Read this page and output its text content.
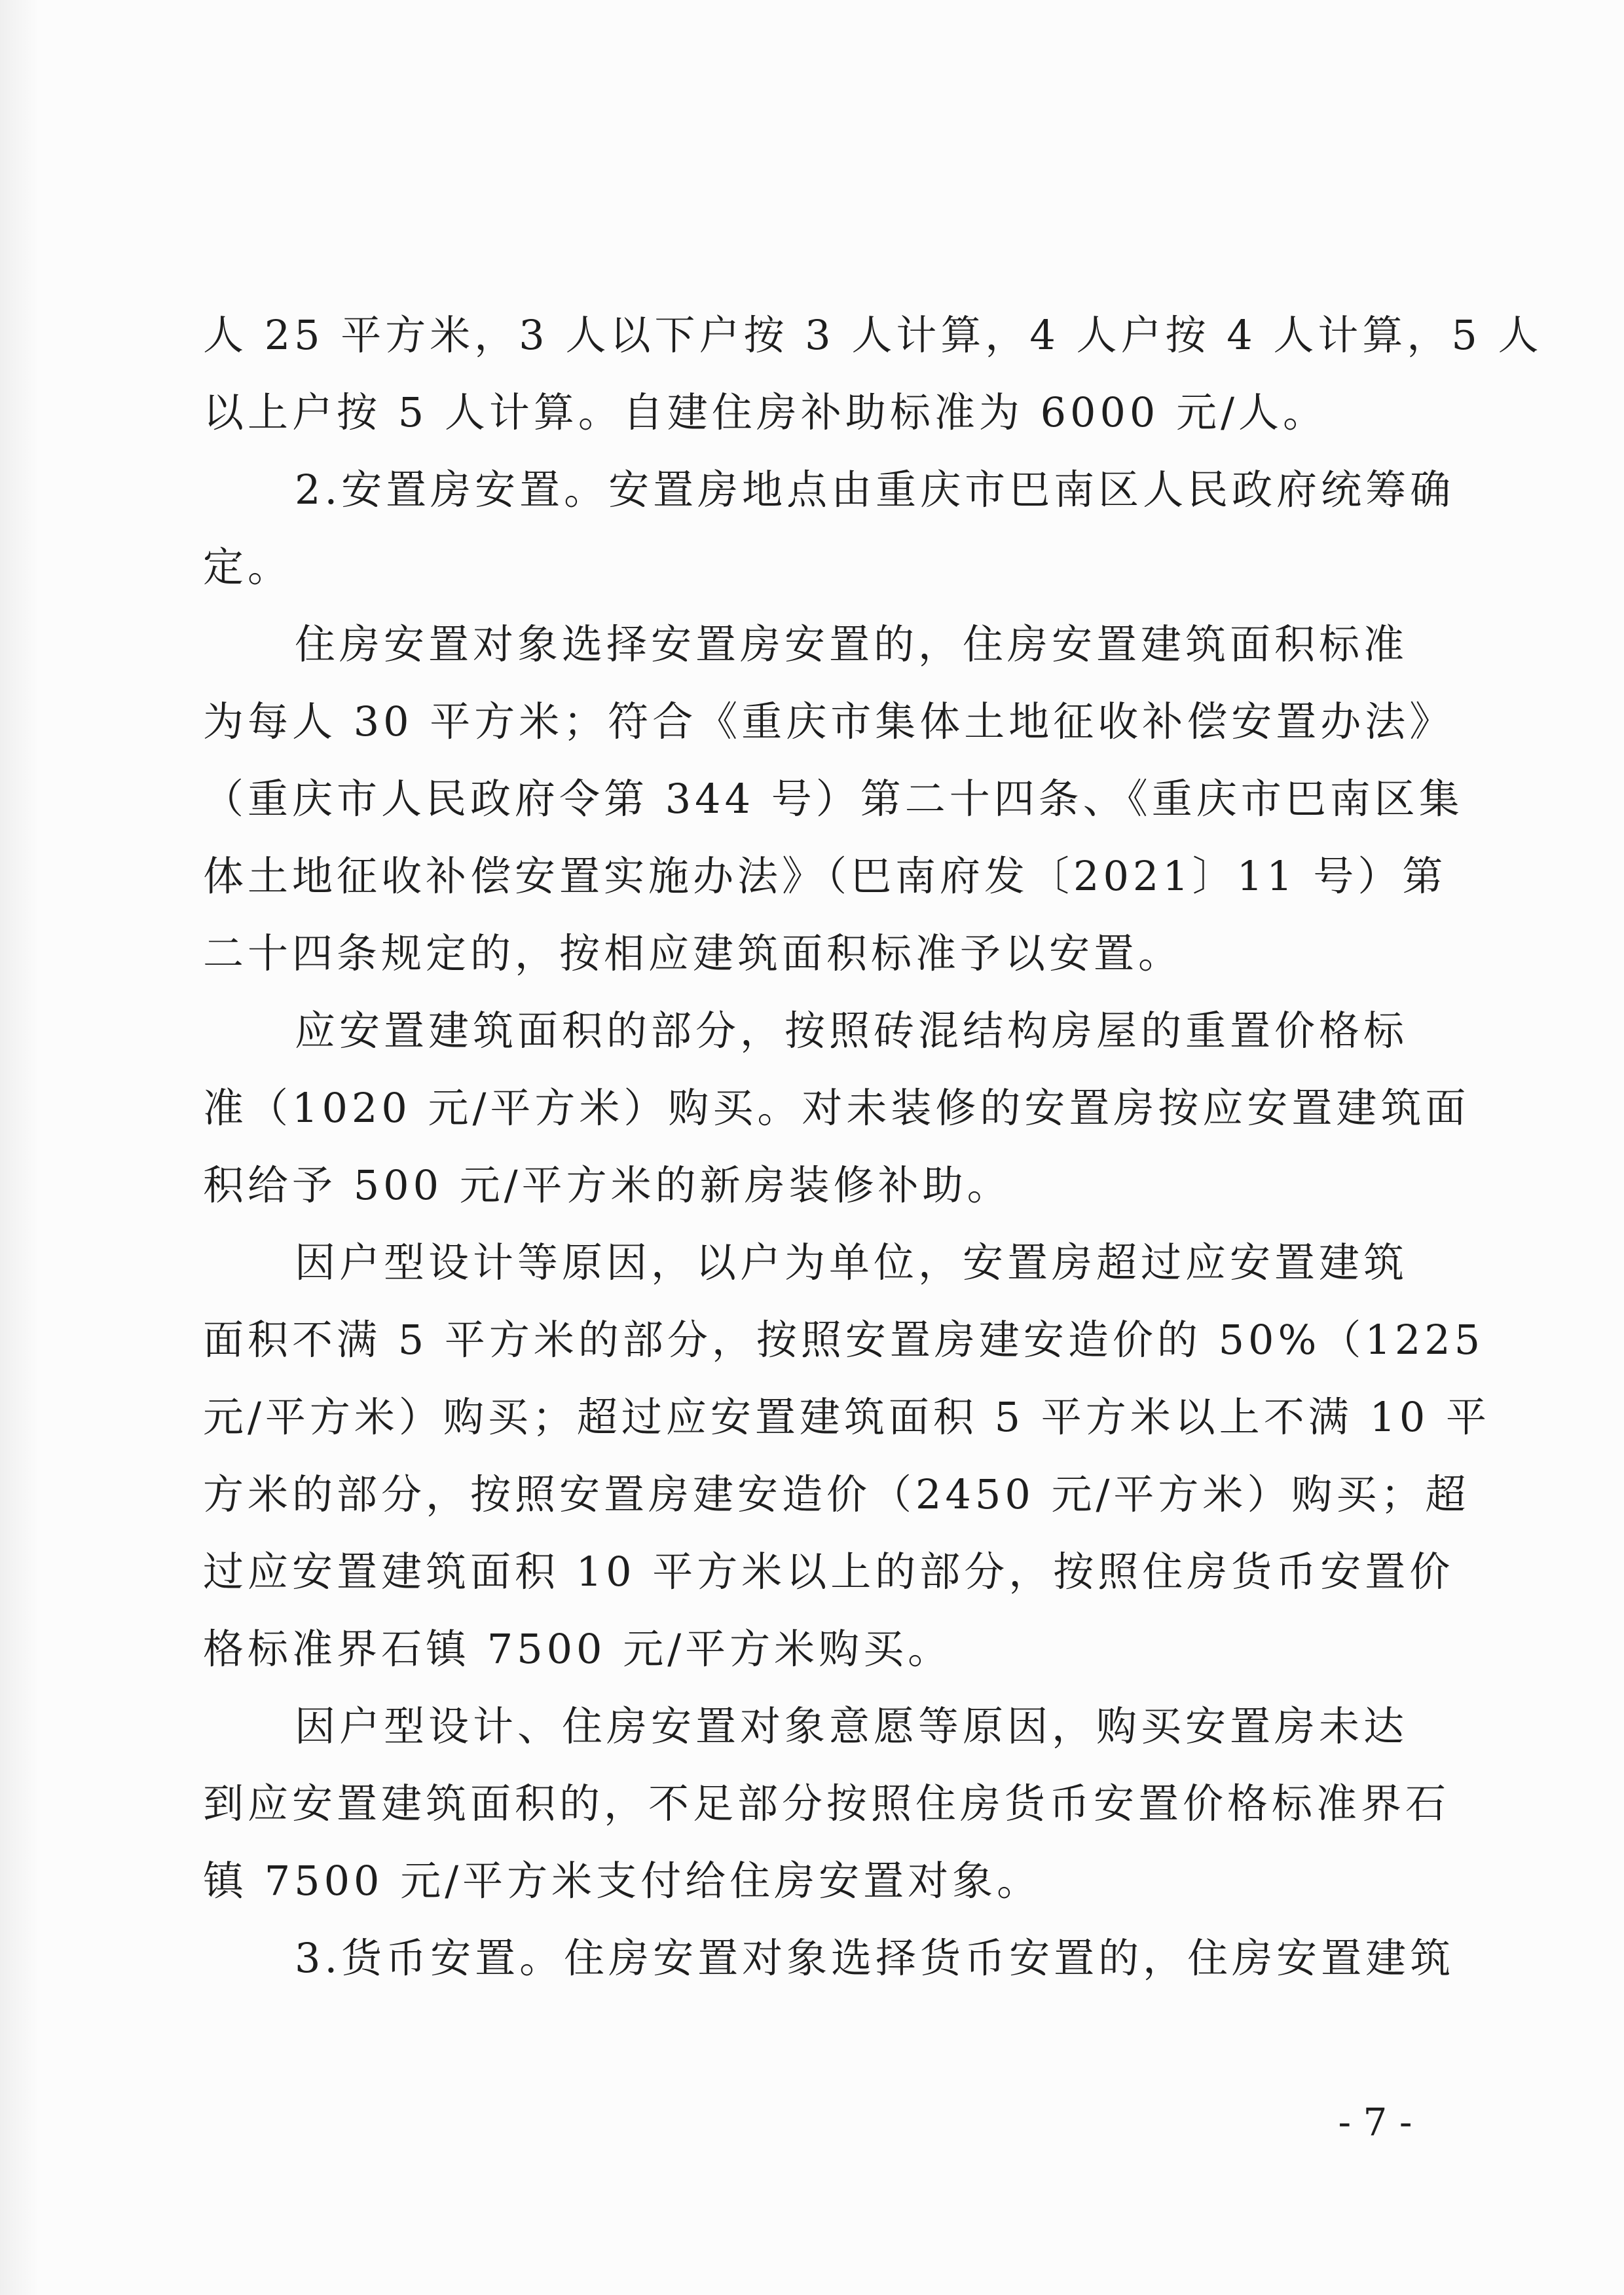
人 25 平方米，3 人以下户按 3 人计算，4 人户按 4 人计算，5 人
以上户按 5 人计算。自建住房补助标准为 6000 元/人。
2.安置房安置。安置房地点由重庆市巴南区人民政府统筹确
定。
住房安置对象选择安置房安置的，住房安置建筑面积标准
为每人 30 平方米；符合《重庆市集体土地征收补偿安置办法》
（重庆市人民政府令第 344 号）第二十四条、《重庆市巴南区集
体土地征收补偿安置实施办法》（巴南府发〔2021〕11 号）第
二十四条规定的，按相应建筑面积标准予以安置。
应安置建筑面积的部分，按照砖混结构房屋的重置价格标
准（1020 元/平方米）购买。对未装修的安置房按应安置建筑面
积给予 500 元/平方米的新房装修补助。
因户型设计等原因，以户为单位，安置房超过应安置建筑
面积不满 5 平方米的部分，按照安置房建安造价的 50%（1225
元/平方米）购买；超过应安置建筑面积 5 平方米以上不满 10 平
方米的部分，按照安置房建安造价（2450 元/平方米）购买；超
过应安置建筑面积 10 平方米以上的部分，按照住房货币安置价
格标准界石镇 7500 元/平方米购买。
因户型设计、住房安置对象意愿等原因，购买安置房未达
到应安置建筑面积的，不足部分按照住房货币安置价格标准界石
镇 7500 元/平方米支付给住房安置对象。
3.货币安置。住房安置对象选择货币安置的，住房安置建筑
- 7 -
